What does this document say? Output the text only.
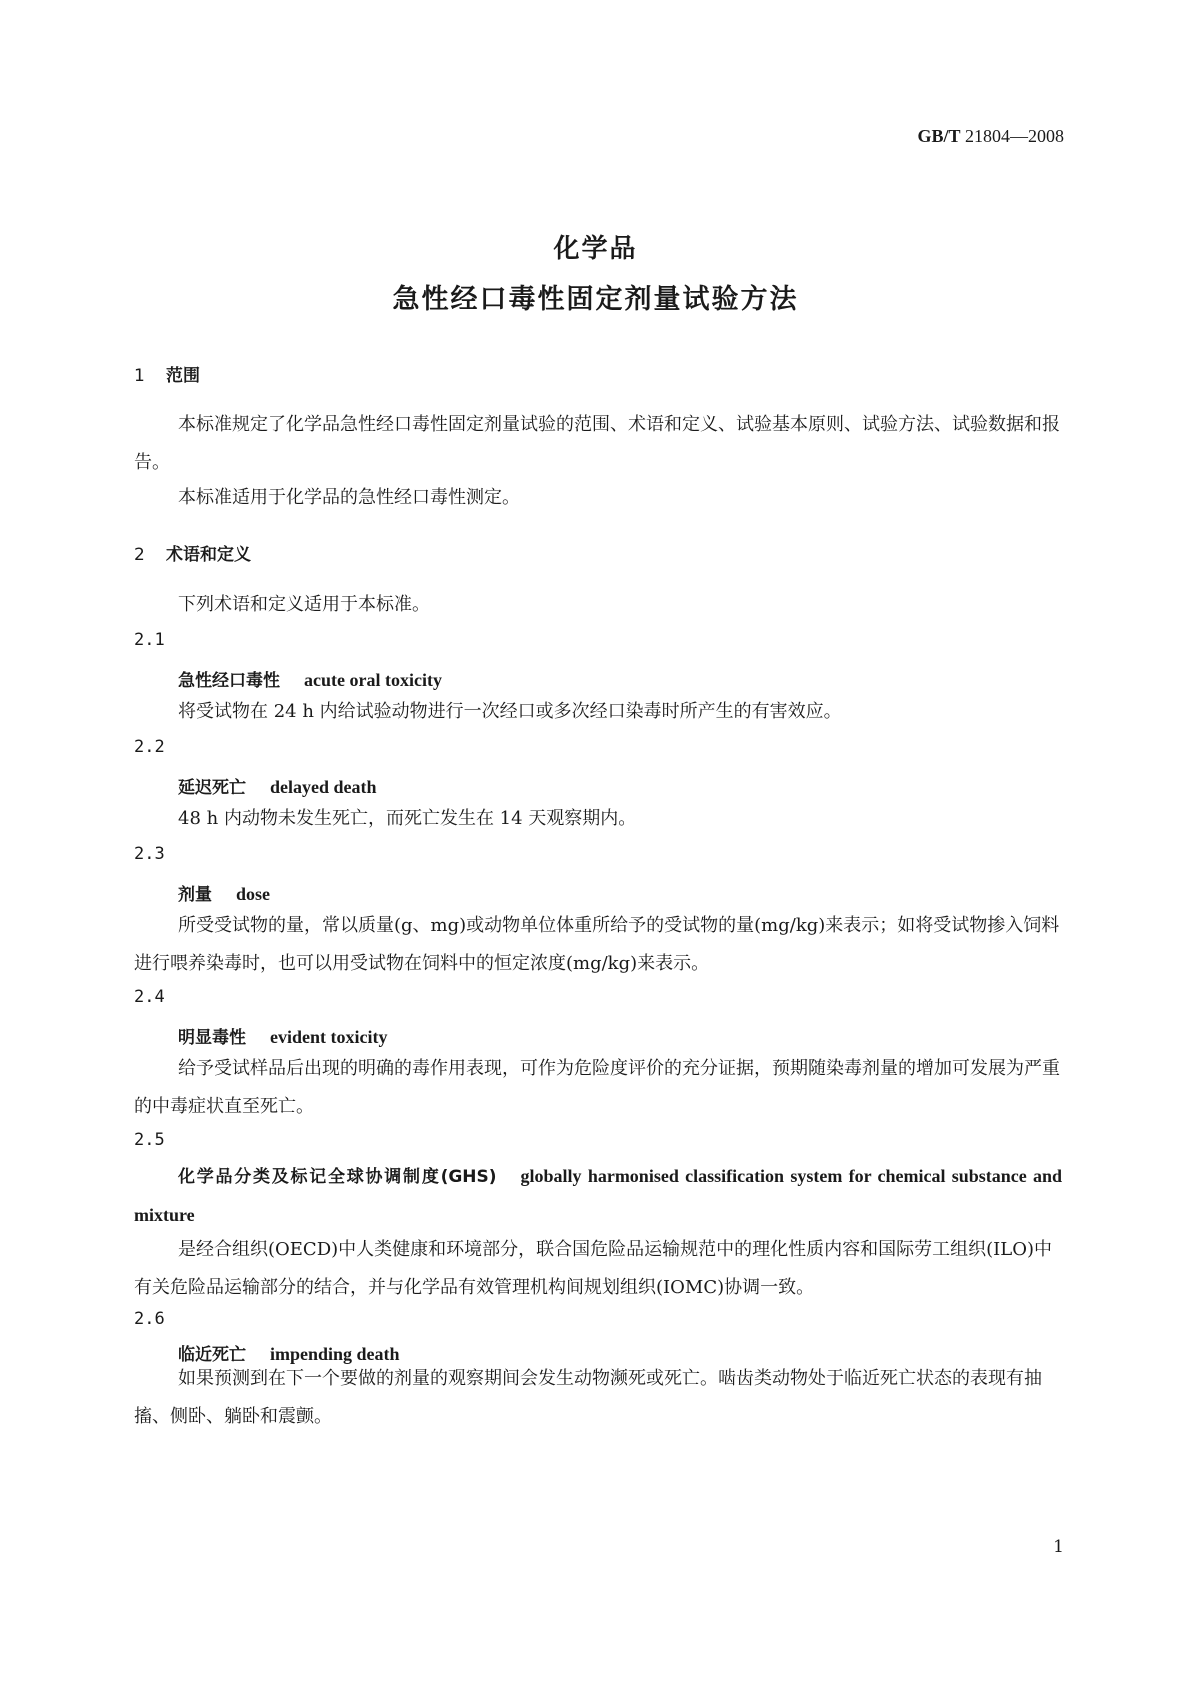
GB/T 21804—2008
化学品
急性经口毒性固定剂量试验方法
1 范围
本标准规定了化学品急性经口毒性固定剂量试验的范围、术语和定义、试验基本原则、试验方法、试验数据和报告。
本标准适用于化学品的急性经口毒性测定。
2 术语和定义
下列术语和定义适用于本标准。
2.1
急性经口毒性 acute oral toxicity
将受试物在 24 h 内给试验动物进行一次经口或多次经口染毒时所产生的有害效应。
2.2
延迟死亡 delayed death
48 h 内动物未发生死亡，而死亡发生在 14 天观察期内。
2.3
剂量 dose
所受受试物的量，常以质量(g、mg)或动物单位体重所给予的受试物的量(mg/kg)来表示；如将受试物掺入饲料进行喂养染毒时，也可以用受试物在饲料中的恒定浓度(mg/kg)来表示。
2.4
明显毒性 evident toxicity
给予受试样品后出现的明确的毒作用表现，可作为危险度评价的充分证据，预期随染毒剂量的增加可发展为严重的中毒症状直至死亡。
2.5
化学品分类及标记全球协调制度(GHS) globally harmonised classification system for chemical substance and mixture
是经合组织(OECD)中人类健康和环境部分，联合国危险品运输规范中的理化性质内容和国际劳工组织(ILO)中有关危险品运输部分的结合，并与化学品有效管理机构间规划组织(IOMC)协调一致。
2.6
临近死亡 impending death
如果预测到在下一个要做的剂量的观察期间会发生动物濒死或死亡。啮齿类动物处于临近死亡状态的表现有抽搐、侧卧、躺卧和震颤。
1
